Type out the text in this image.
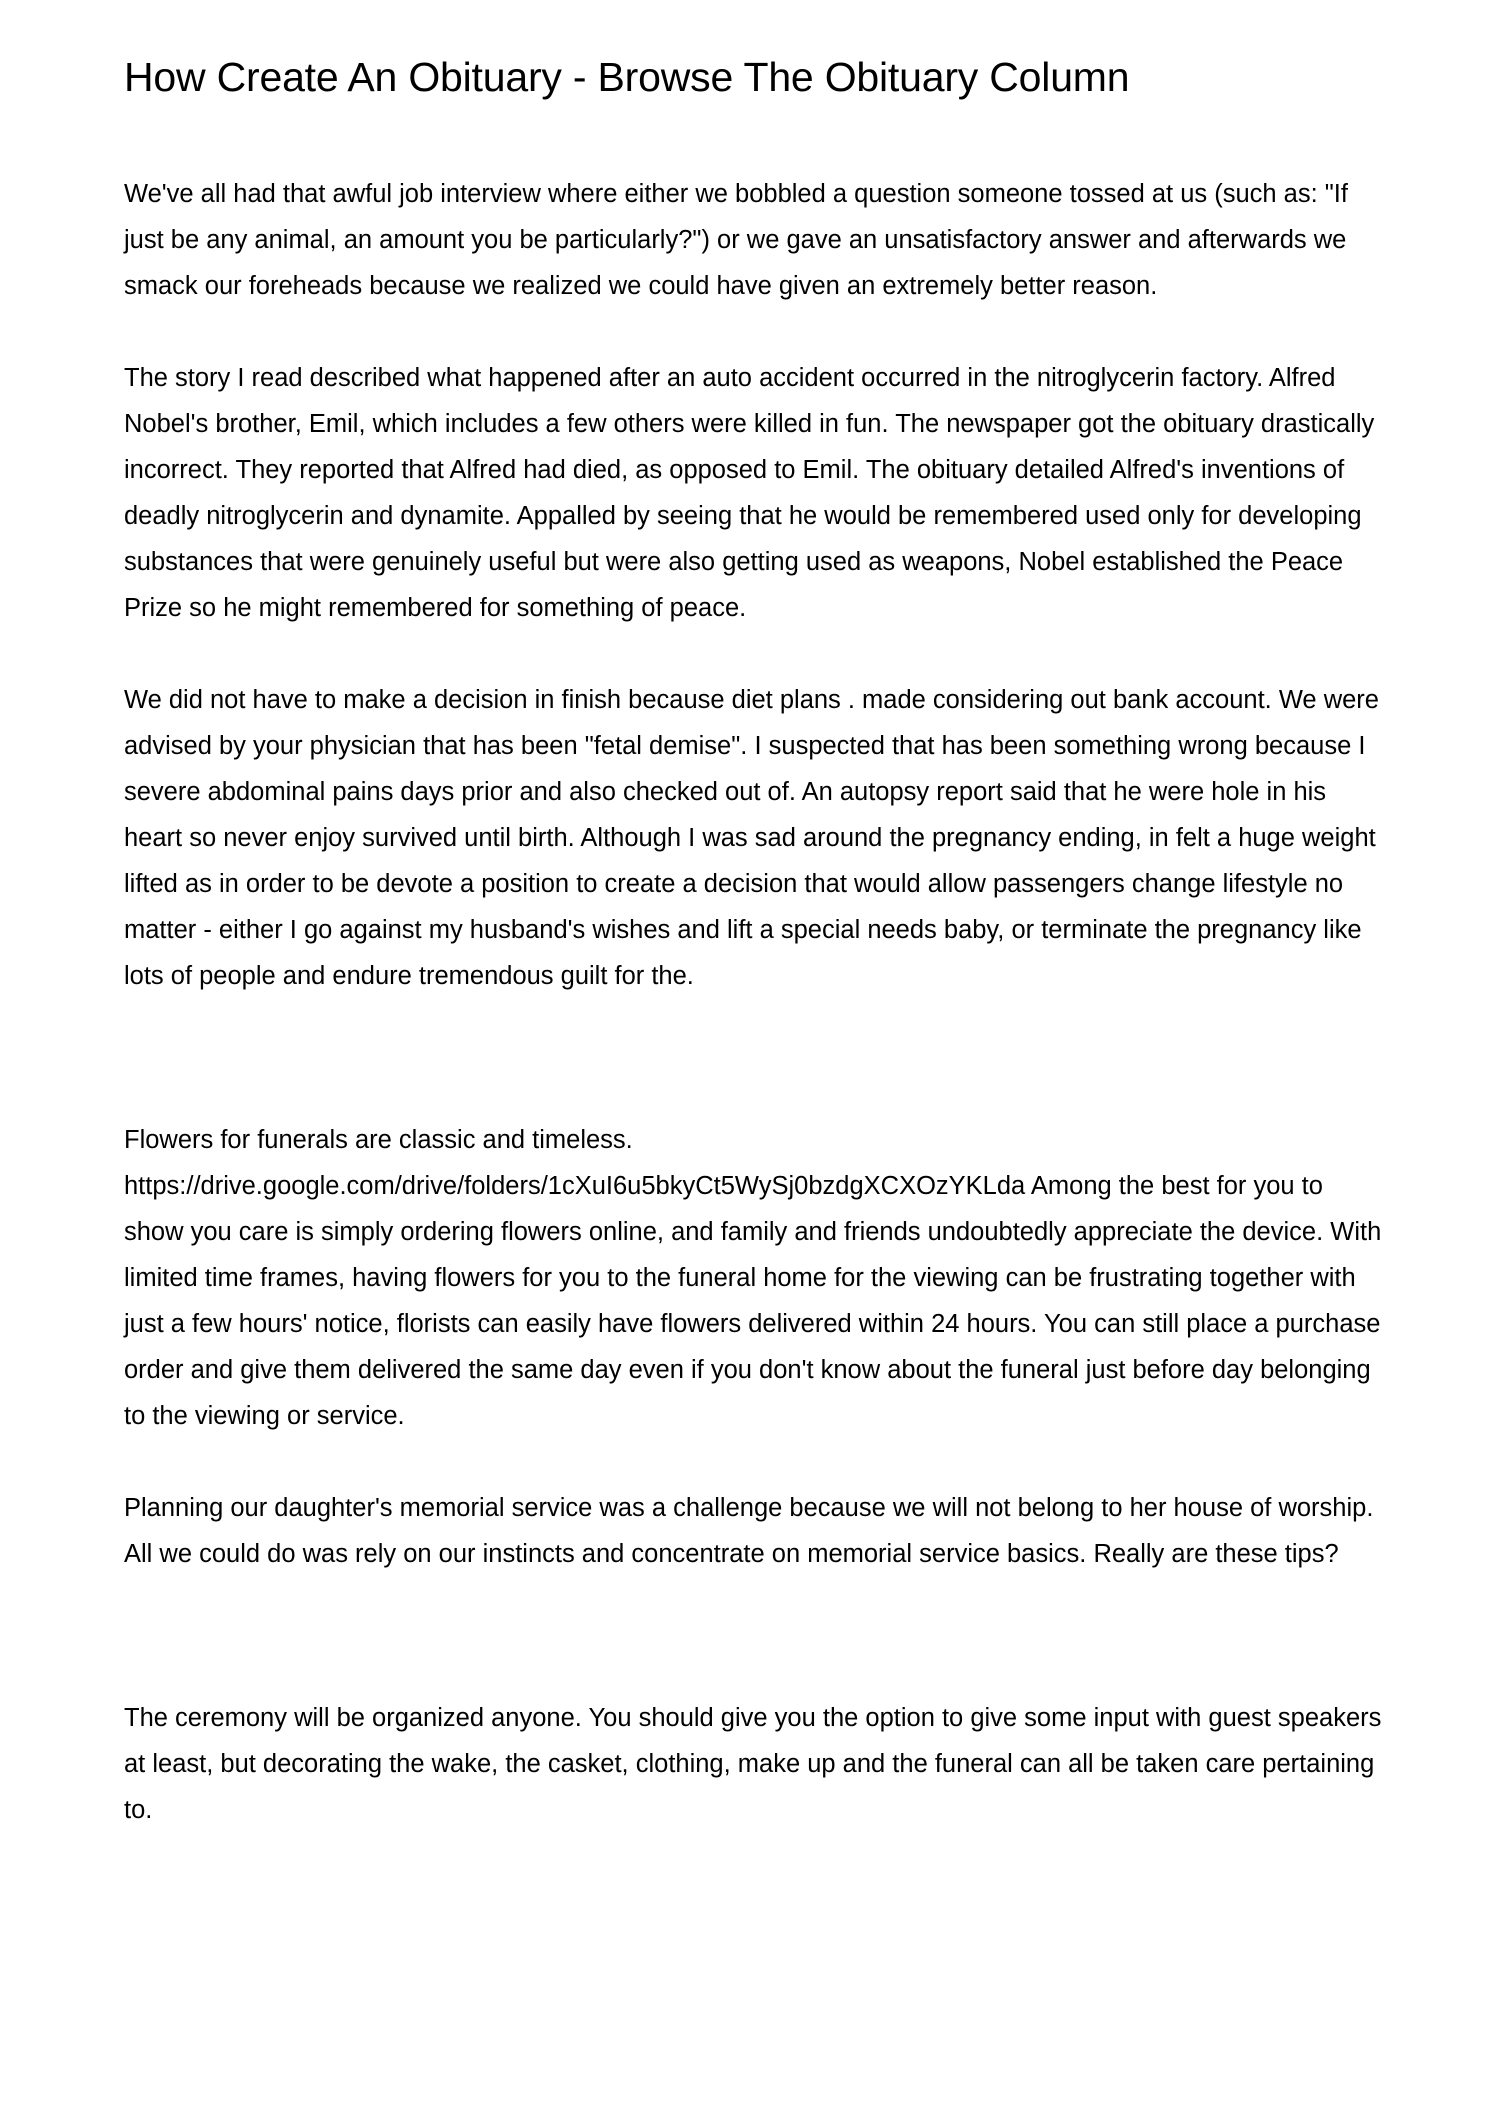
How Create An Obituary - Browse The Obituary Column

We've all had that awful job interview where either we bobbled a question someone tossed at us (such as: "If just be any animal, an amount you be particularly?") or we gave an unsatisfactory answer and afterwards we smack our foreheads because we realized we could have given an extremely better reason.

The story I read described what happened after an auto accident occurred in the nitroglycerin factory. Alfred Nobel's brother, Emil, which includes a few others were killed in fun. The newspaper got the obituary drastically incorrect. They reported that Alfred had died, as opposed to Emil. The obituary detailed Alfred's inventions of deadly nitroglycerin and dynamite. Appalled by seeing that he would be remembered used only for developing substances that were genuinely useful but were also getting used as weapons, Nobel established the Peace Prize so he might remembered for something of peace.

We did not have to make a decision in finish because diet plans . made considering out bank account. We were advised by your physician that has been "fetal demise". I suspected that has been something wrong because I severe abdominal pains days prior and also checked out of. An autopsy report said that he were hole in his heart so never enjoy survived until birth. Although I was sad around the pregnancy ending, in felt a huge weight lifted as in order to be devote a position to create a decision that would allow passengers change lifestyle no matter - either I go against my husband's wishes and lift a special needs baby, or terminate the pregnancy like lots of people and endure tremendous guilt for the.

Flowers for funerals are classic and timeless.
https://drive.google.com/drive/folders/1cXuI6u5bkyCt5WySj0bzdgXCXOzYKLda Among the best for you to show you care is simply ordering flowers online, and family and friends undoubtedly appreciate the device. With limited time frames, having flowers for you to the funeral home for the viewing can be frustrating together with just a few hours' notice, florists can easily have flowers delivered within 24 hours. You can still place a purchase order and give them delivered the same day even if you don't know about the funeral just before day belonging to the viewing or service.

Planning our daughter's memorial service was a challenge because we will not belong to her house of worship. All we could do was rely on our instincts and concentrate on memorial service basics. Really are these tips?

The ceremony will be organized anyone. You should give you the option to give some input with guest speakers at least, but decorating the wake, the casket, clothing, make up and the funeral can all be taken care pertaining to.
